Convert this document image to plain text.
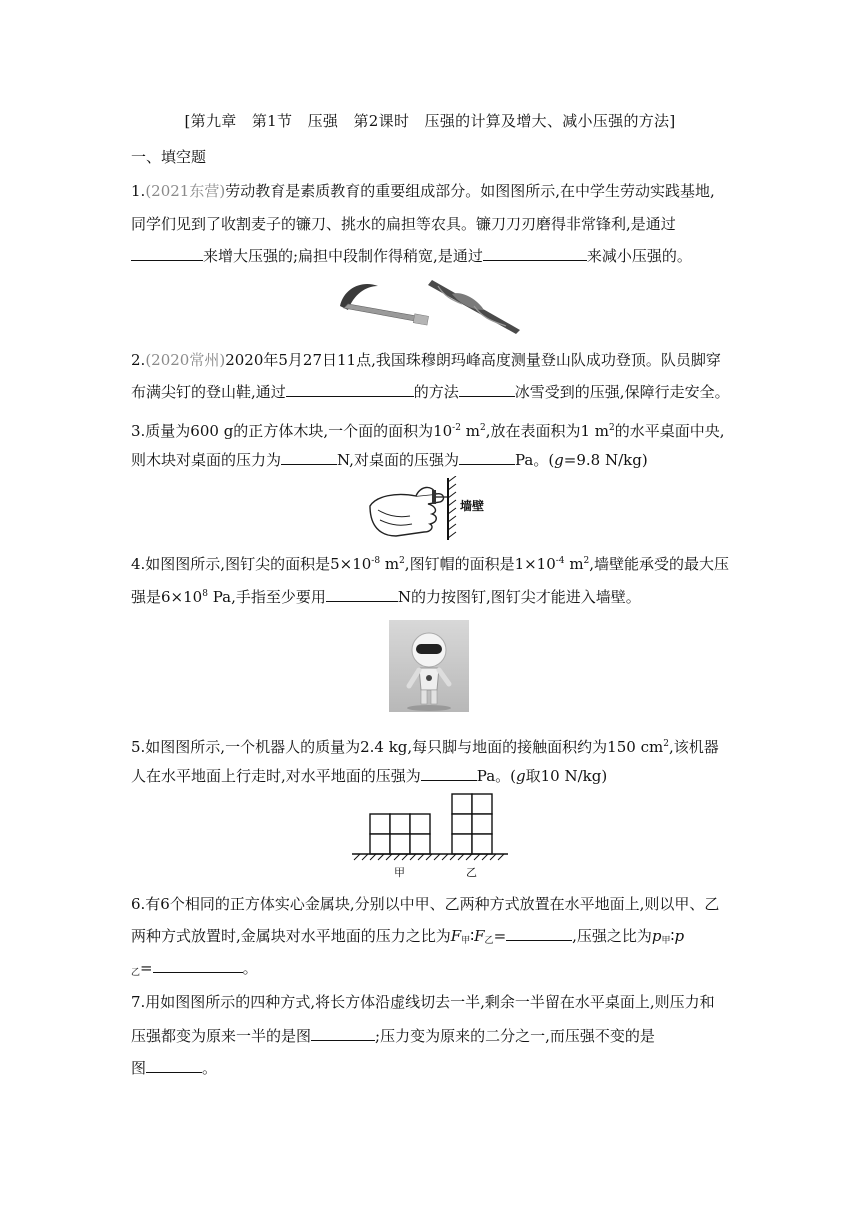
[第九章　第1节　压强　第2课时　压强的计算及增大、减小压强的方法]
一、填空题
1.(2021东营)劳动教育是素质教育的重要组成部分。如图图所示,在中学生劳动实践基地,
同学们见到了收割麦子的镰刀、挑水的扁担等农具。镰刀刀刃磨得非常锋利,是通过
来增大压强的;扁担中段制作得稍宽,是通过	来减小压强的。
2.(2020常州)2020年5月27日11点,我国珠穆朗玛峰高度测量登山队成功登顶。队员脚穿
布满尖钉的登山鞋,通过	的方法	冰雪受到的压强,保障行走安全。
3.质量为600 g的正方体木块,一个面的面积为$10^{-2}$ $m^2$,放在表面积为1 $m^2$的水平桌面中央,
则木块对桌面的压力为	N,对桌面的压强为	Pa。(g=9.8 N/kg)
墙壁
4.如图图所示,图钉尖的面积是$5\times 10^{-8}$ $m^2$,图钉帽的面积是$1\times 10^{-4}$ $m^2$,墙壁能承受的最大压
强是$6\times 10^8$ Pa,手指至少要用	N的力按图钉,图钉尖才能进入墙壁。
5.如图图所示,一个机器人的质量为2.4 kg,每只脚与地面的接触面积约为150 $cm^2$,该机器
人在水平地面上行走时,对水平地面的压强为	Pa。(g取10 N/kg)
甲	乙
6.有6个相同的正方体实心金属块,分别以中甲、乙两种方式放置在水平地面上,则以甲、乙
两种方式放置时,金属块对水平地面的压力之比为$F_甲∶F_乙=$	,压强之比为$p_甲∶p$
$_乙$=	。
7.用如图图所示的四种方式,将长方体沿虚线切去一半,剩余一半留在水平桌面上,则压力和
压强都变为原来一半的是图	;压力变为原来的二分之一,而压强不变的是
图	。
